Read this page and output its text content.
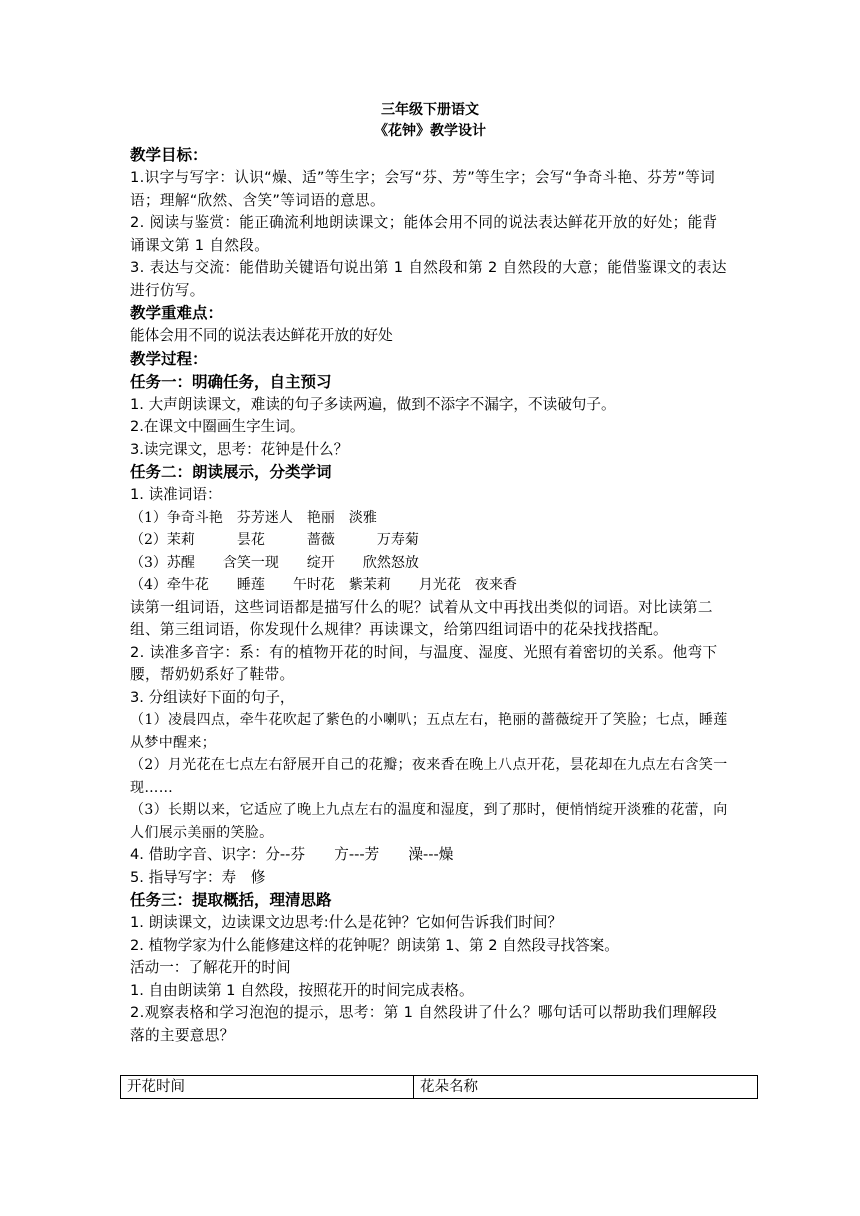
三年级下册语文

《花钟》教学设计

教学目标：

1.识字与写字：认识“燥、适”等生字；会写“芬、芳”等生字；会写“争奇斗艳、芬芳”等词语；理解“欣然、含笑”等词语的意思。

2. 阅读与鉴赏：能正确流利地朗读课文；能体会用不同的说法表达鲜花开放的好处；能背诵课文第 1 自然段。

3. 表达与交流：能借助关键语句说出第 1 自然段和第 2 自然段的大意；能借鉴课文的表达进行仿写。

教学重难点：

能体会用不同的说法表达鲜花开放的好处

教学过程：

任务一：明确任务，自主预习

1. 大声朗读课文，难读的句子多读两遍，做到不添字不漏字，不读破句子。

2.在课文中圈画生字生词。

3.读完课文，思考：花钟是什么？

任务二：朗读展示，分类学词

1. 读准词语：

（1）争奇斗艳　芬芳迷人　艳丽　淡雅

（2）茉莉　　　昙花　　　蔷薇　　　万寿菊

（3）苏醒　　含笑一现　　绽开　　欣然怒放

（4）牵牛花　　睡莲　　午时花　紫茉莉　　月光花　夜来香

读第一组词语，这些词语都是描写什么的呢？试着从文中再找出类似的词语。对比读第二组、第三组词语，你发现什么规律？再读课文，给第四组词语中的花朵找找搭配。

2. 读准多音字：系：有的植物开花的时间，与温度、湿度、光照有着密切的关系。他弯下腰，帮奶奶系好了鞋带。

3. 分组读好下面的句子，

（1）凌晨四点，牵牛花吹起了紫色的小喇叭；五点左右，艳丽的蔷薇绽开了笑脸；七点，睡莲从梦中醒来；

（2）月光花在七点左右舒展开自己的花瓣；夜来香在晚上八点开花，昙花却在九点左右含笑一现……

（3）长期以来，它适应了晚上九点左右的温度和湿度，到了那时，便悄悄绽开淡雅的花蕾，向人们展示美丽的笑脸。

4. 借助字音、识字：分--芬　　方---芳　　澡---燥

5. 指导写字：寿　修

任务三：提取概括，理清思路

1. 朗读课文，边读课文边思考:什么是花钟？它如何告诉我们时间？

2. 植物学家为什么能修建这样的花钟呢？朗读第 1、第 2 自然段寻找答案。

活动一：了解花开的时间

1. 自由朗读第 1 自然段，按照花开的时间完成表格。

2.观察表格和学习泡泡的提示，思考：第 1 自然段讲了什么？哪句话可以帮助我们理解段落的主要意思？

开花时间	花朵名称
